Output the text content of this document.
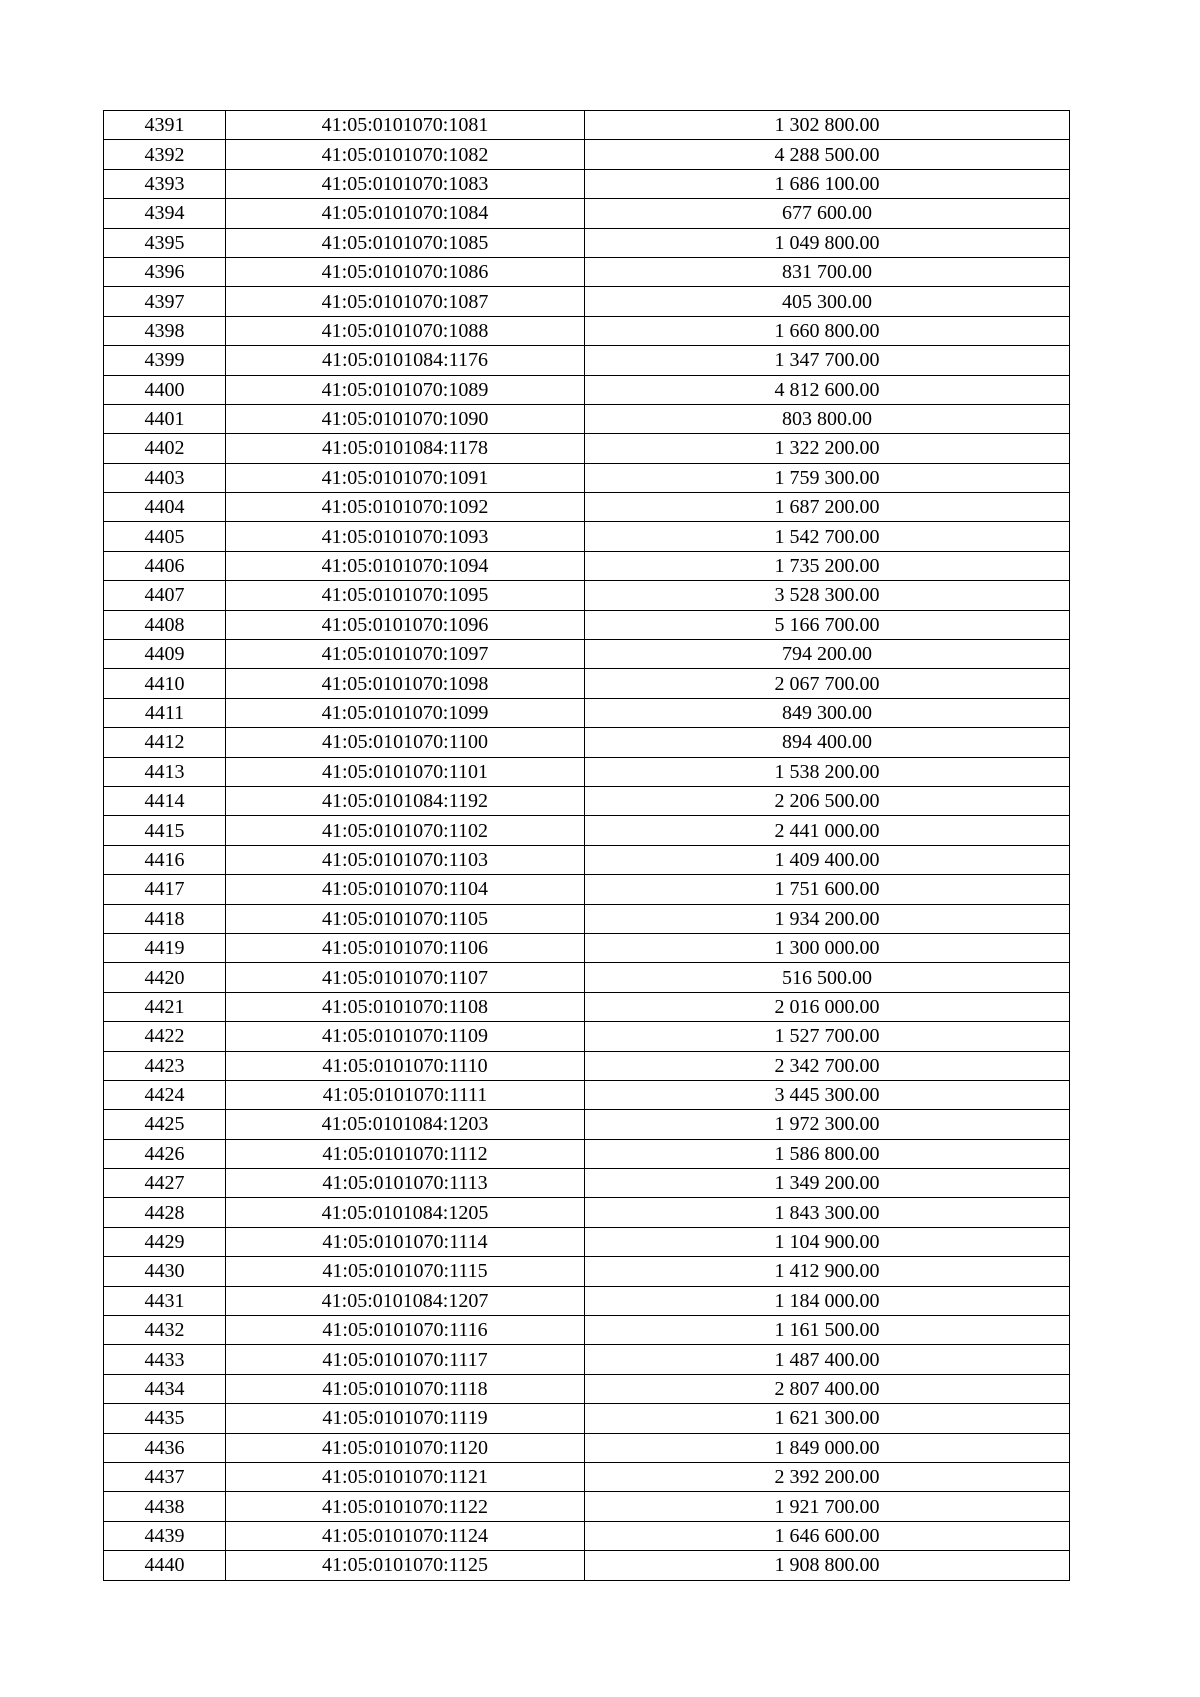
4391	41:05:0101070:1081	1 302 800.00
4392	41:05:0101070:1082	4 288 500.00
4393	41:05:0101070:1083	1 686 100.00
4394	41:05:0101070:1084	677 600.00
4395	41:05:0101070:1085	1 049 800.00
4396	41:05:0101070:1086	831 700.00
4397	41:05:0101070:1087	405 300.00
4398	41:05:0101070:1088	1 660 800.00
4399	41:05:0101084:1176	1 347 700.00
4400	41:05:0101070:1089	4 812 600.00
4401	41:05:0101070:1090	803 800.00
4402	41:05:0101084:1178	1 322 200.00
4403	41:05:0101070:1091	1 759 300.00
4404	41:05:0101070:1092	1 687 200.00
4405	41:05:0101070:1093	1 542 700.00
4406	41:05:0101070:1094	1 735 200.00
4407	41:05:0101070:1095	3 528 300.00
4408	41:05:0101070:1096	5 166 700.00
4409	41:05:0101070:1097	794 200.00
4410	41:05:0101070:1098	2 067 700.00
4411	41:05:0101070:1099	849 300.00
4412	41:05:0101070:1100	894 400.00
4413	41:05:0101070:1101	1 538 200.00
4414	41:05:0101084:1192	2 206 500.00
4415	41:05:0101070:1102	2 441 000.00
4416	41:05:0101070:1103	1 409 400.00
4417	41:05:0101070:1104	1 751 600.00
4418	41:05:0101070:1105	1 934 200.00
4419	41:05:0101070:1106	1 300 000.00
4420	41:05:0101070:1107	516 500.00
4421	41:05:0101070:1108	2 016 000.00
4422	41:05:0101070:1109	1 527 700.00
4423	41:05:0101070:1110	2 342 700.00
4424	41:05:0101070:1111	3 445 300.00
4425	41:05:0101084:1203	1 972 300.00
4426	41:05:0101070:1112	1 586 800.00
4427	41:05:0101070:1113	1 349 200.00
4428	41:05:0101084:1205	1 843 300.00
4429	41:05:0101070:1114	1 104 900.00
4430	41:05:0101070:1115	1 412 900.00
4431	41:05:0101084:1207	1 184 000.00
4432	41:05:0101070:1116	1 161 500.00
4433	41:05:0101070:1117	1 487 400.00
4434	41:05:0101070:1118	2 807 400.00
4435	41:05:0101070:1119	1 621 300.00
4436	41:05:0101070:1120	1 849 000.00
4437	41:05:0101070:1121	2 392 200.00
4438	41:05:0101070:1122	1 921 700.00
4439	41:05:0101070:1124	1 646 600.00
4440	41:05:0101070:1125	1 908 800.00
